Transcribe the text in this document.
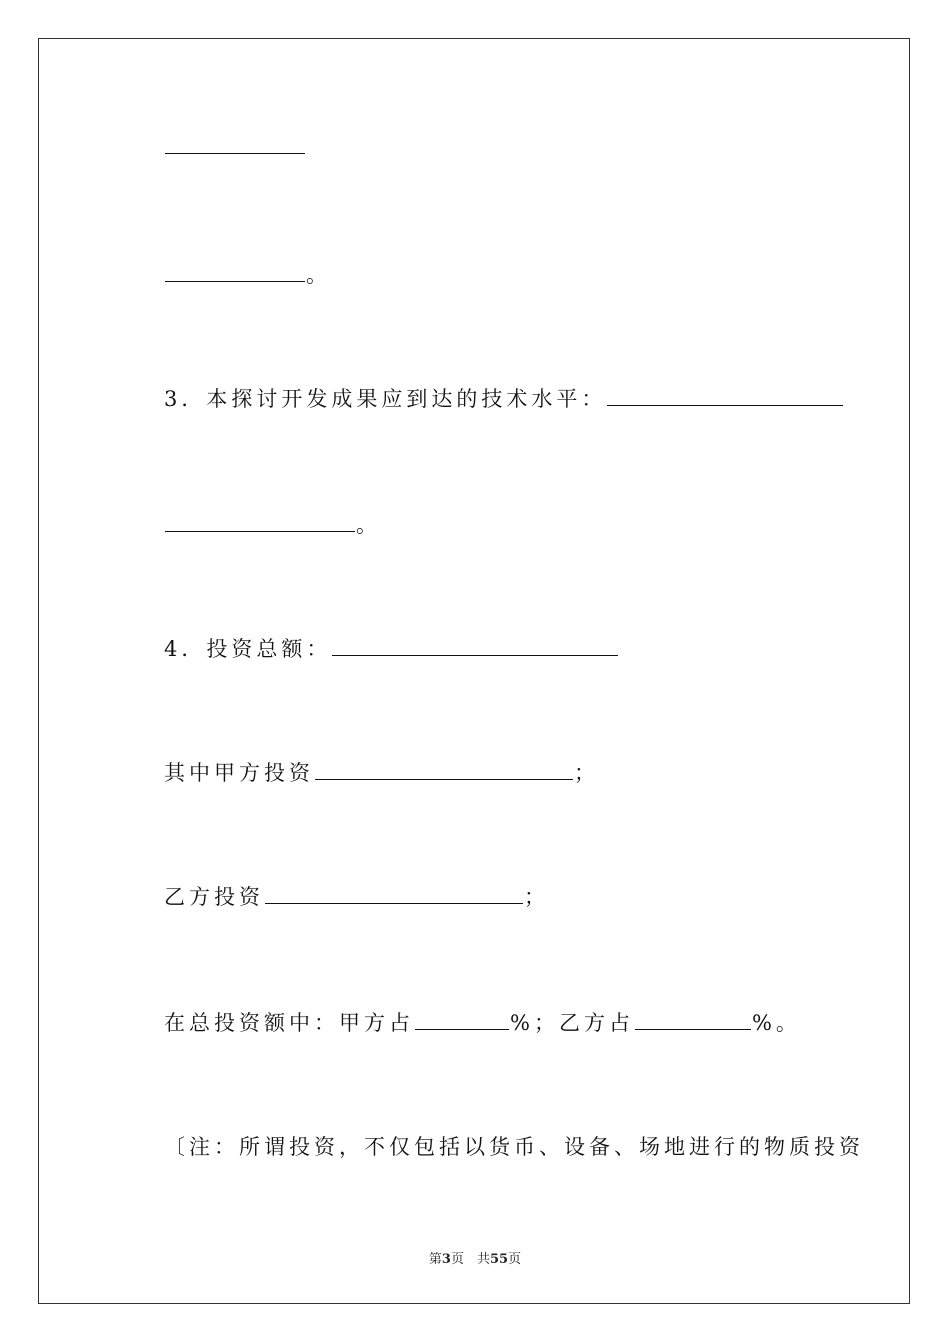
。
3．本探讨开发成果应到达的技术水平：
。
4．投资总额：
其中甲方投资	；
乙方投资	；
在总投资额中：甲方占	%；乙方占	%。
〔注：所谓投资，不仅包括以货币、设备、场地进行的物质投资
第3页　共55页
